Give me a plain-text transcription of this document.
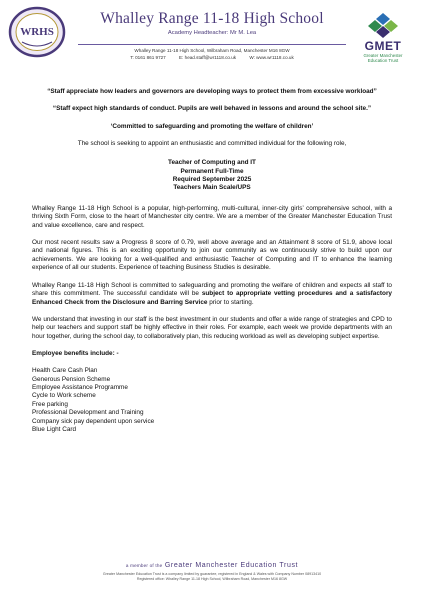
WRHS
Whalley Range 11-18 High School
Academy Headteacher: Mr M. Lea
Whalley Range 11-18 High School, Wilbraham Road, Manchester M16 8GW
T: 0161 861 9727	E: head.staff@wr1118.co.uk	W: www.wr1118.co.uk
GMET
Greater Manchester Education Trust

“Staff appreciate how leaders and governors are developing ways to protect them from excessive workload”

“Staff expect high standards of conduct. Pupils are well behaved in lessons and around the school site.”

‘Committed to safeguarding and promoting the welfare of children’

The school is seeking to appoint an enthusiastic and committed individual for the following role,

Teacher of Computing and IT
Permanent Full-Time
Required September 2025
Teachers Main Scale/UPS

Whalley Range 11-18 High School is a popular, high-performing, multi-cultural, inner-city girls’ comprehensive school, with a thriving Sixth Form, close to the heart of Manchester city centre. We are a member of the Greater Manchester Education Trust and value excellence, care and respect.

Our most recent results saw a Progress 8 score of 0.79, well above average and an Attainment 8 score of 51.9, above local and national figures. This is an exciting opportunity to join our community as we continuously strive to build upon our achievements. We are looking for a well-qualified and enthusiastic Teacher of Computing and IT to enhance the learning experience of all our students. Experience of teaching Business Studies is desirable.

Whalley Range 11-18 High School is committed to safeguarding and promoting the welfare of children and expects all staff to share this commitment. The successful candidate will be subject to appropriate vetting procedures and a satisfactory Enhanced Check from the Disclosure and Barring Service prior to starting.

We understand that investing in our staff is the best investment in our students and offer a wide range of strategies and CPD to help our teachers and support staff be highly effective in their roles. For example, each week we provide departments with an hour together, during the school day, to collaboratively plan, this reducing workload as well as developing subject expertise.

Employee benefits include: -

Health Care Cash Plan
Generous Pension Scheme
Employee Assistance Programme
Cycle to Work scheme
Free parking
Professional Development and Training
Company sick pay dependent upon service
Blue Light Card
a member of the Greater Manchester Education Trust
Greater Manchester Education Trust is a company limited by guarantee, registered in England & Wales with Company Number 08913410
Registered office: Whalley Range 11-18 High School, Wilbraham Road, Manchester M16 8GW
